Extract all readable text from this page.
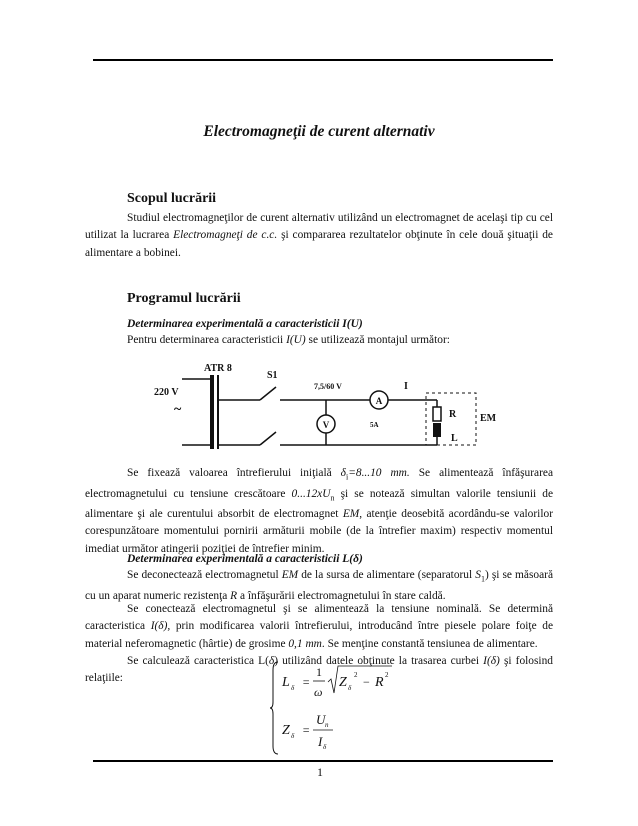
Electromagneţii de curent alternativ
Scopul lucrării

Studiul electromagneţilor de curent alternativ utilizând un electromagnet de acelaşi tip cu cel utilizat la lucrarea Electromagneţi de c.c. şi compararea rezultatelor obţinute în cele două şituaţii de alimentare a bobinei.

Programul lucrării
Determinarea experimentală a caracteristicii I(U)
Pentru determinarea caracteristicii I(U) se utilizează montajul următor:
ATR 8
220 V
~
S1
7,5/60 V	I
5A
R
L
EM
A
V

Se fixează valoarea întrefierului iniţială $\delta_i=8...10$ mm. Se alimentează înfăşurarea electromagnetului cu tensiune crescătoare $0...12xU_n$ şi se notează simultan valorile tensiunii de alimentare şi ale curentului absorbit de electromagnet EM, atenţie deosebită acordându-se valorilor corespunzătoare momentului pornirii armăturii mobile (de la întrefier maxim) respectiv momentul imediat următor atingerii poziţiei de întrefier minim.

Determinarea experimentală a caracteristicii L(δ)

Se deconectează electromagnetul EM de la sursa de alimentare (separatorul $S_1$) şi se măsoară cu un aparat numeric rezistenţa R a înfăşurării electromagnetului în stare caldă.

Se conectează electromagnetul şi se alimentează la tensiune nominală. Se determină caracteristica I(δ), prin modificarea valorii întrefierului, introducând între piesele polare foiţe de material neferomagnetic (hârtie) de grosime 0,1 mm. Se menţine constantă tensiunea de alimentare.

Se calculează caracteristica L(δ) utilizând datele obţinute la trasarea curbei I(δ) şi folosind relaţiile:	L δ =
1
ω
Z δ
2 − R 2
Z δ =
U n
I δ
1
